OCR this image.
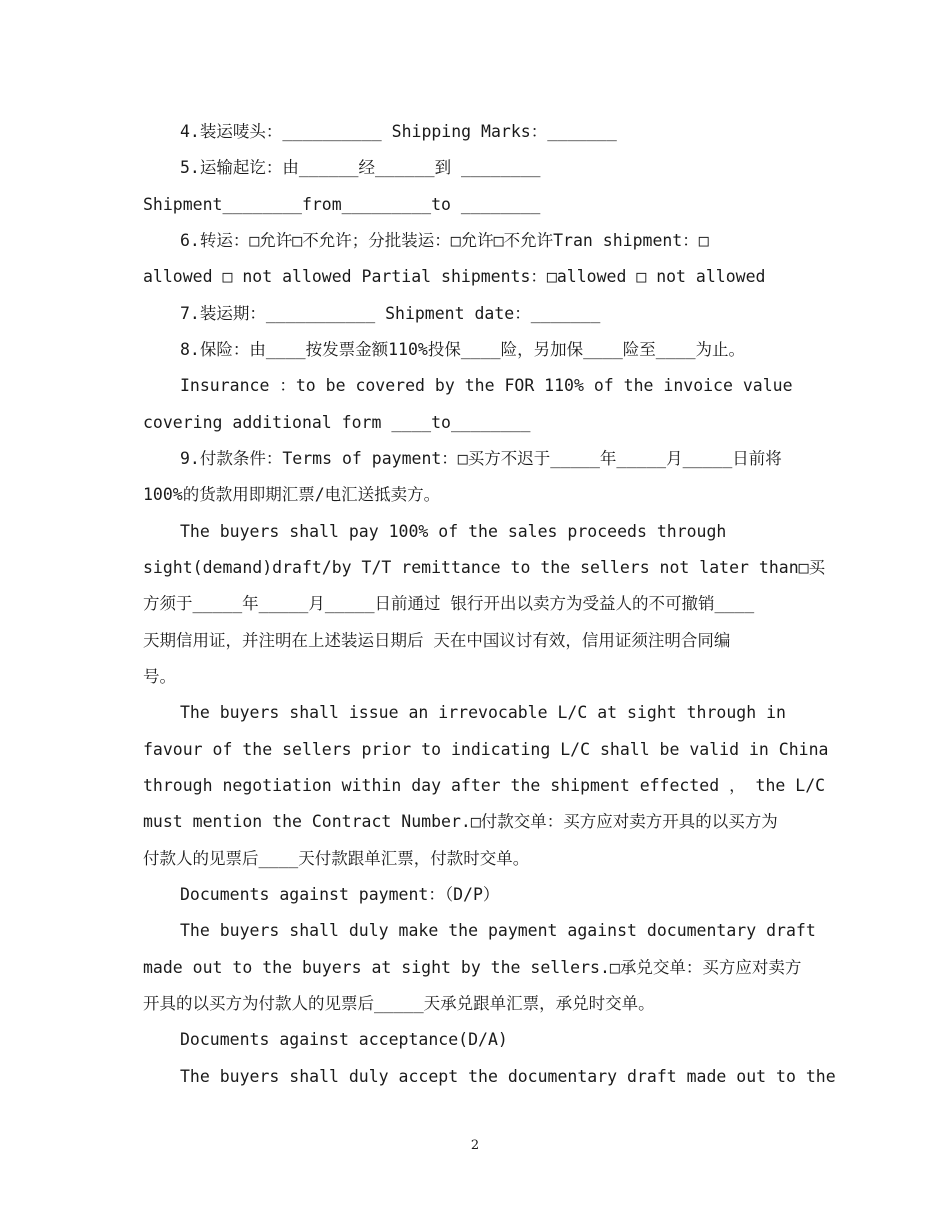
4.装运唛头：__________ Shipping Marks：_______
5.运输起讫：由______经______到 ________
Shipment________from_________to ________
6.转运：□允许□不允许；分批装运：□允许□不允许Tran shipment：□
allowed □ not allowed Partial shipments：□allowed □ not allowed
7.装运期：___________ Shipment date：_______
8.保险：由____按发票金额110%投保____险，另加保____险至____为止。
Insurance ：to be covered by the FOR 110% of the invoice value
covering additional form ____to________
9.付款条件：Terms of payment：□买方不迟于_____年_____月_____日前将
100%的货款用即期汇票/电汇送抵卖方。
The buyers shall pay 100% of the sales proceeds through
sight(demand)draft/by T/T remittance to the sellers not later than□买
方须于_____年_____月_____日前通过 银行开出以卖方为受益人的不可撤销____
天期信用证，并注明在上述装运日期后 天在中国议讨有效，信用证须注明合同编
号。
The buyers shall issue an irrevocable L/C at sight through in
favour of the sellers prior to indicating L/C shall be valid in China
through negotiation within day after the shipment effected ， the L/C
must mention the Contract Number.□付款交单：买方应对卖方开具的以买方为
付款人的见票后____天付款跟单汇票，付款时交单。
Documents against payment：（D/P）
The buyers shall duly make the payment against documentary draft
made out to the buyers at sight by the sellers.□承兑交单：买方应对卖方
开具的以买方为付款人的见票后_____天承兑跟单汇票，承兑时交单。
Documents against acceptance(D/A)
The buyers shall duly accept the documentary draft made out to the
2
